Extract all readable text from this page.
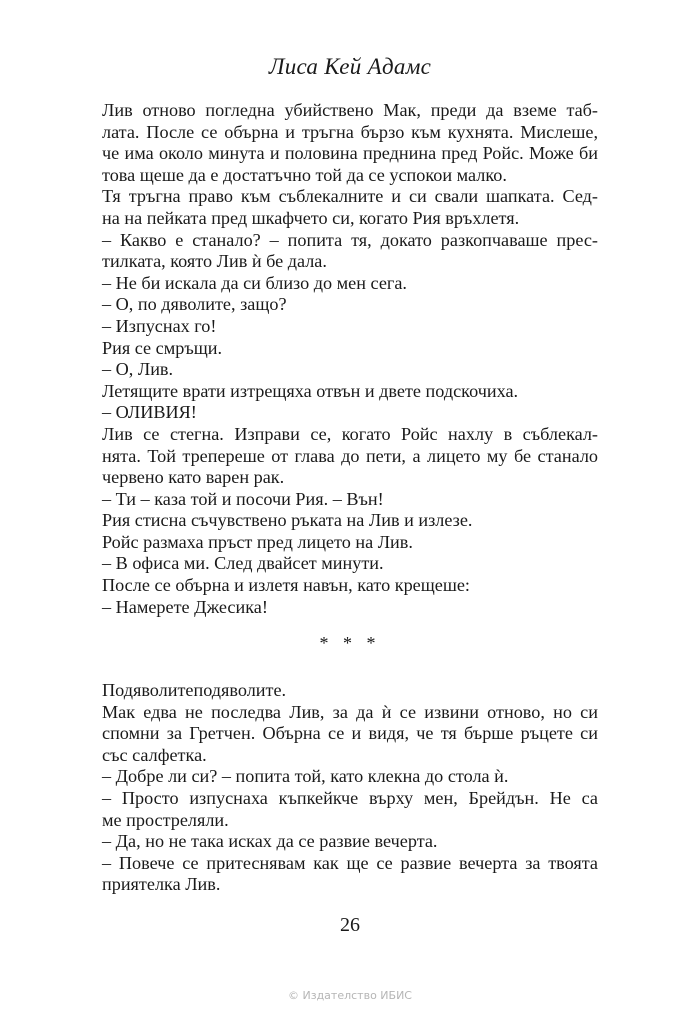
Лиса Кей Адамс
Лив отново погледна убийствено Мак, преди да вземе таб-
лата. После се обърна и тръгна бързо към кухнята. Мислеше,
че има около минута и половина преднина пред Ройс. Може би
това щеше да е достатъчно той да се успокои малко.
Тя тръгна право към съблекалните и си свали шапката. Сед-
на на пейката пред шкафчето си, когато Рия връхлетя.
– Какво е станало? – попита тя, докато разкопчаваше прес-
тилката, която Лив ѝ бе дала.
– Не би искала да си близо до мен сега.
– О, по дяволите, защо?
– Изпуснах го!
Рия се смръщи.
– О, Лив.
Летящите врати изтрещяха отвън и двете подскочиха.
– ОЛИВИЯ!
Лив се стегна. Изправи се, когато Ройс нахлу в съблекал-
нята. Той трепереше от глава до пети, а лицето му бе станало
червено като варен рак.
– Ти – каза той и посочи Рия. – Вън!
Рия стисна съчувствено ръката на Лив и излезе.
Ройс размаха пръст пред лицето на Лив.
– В офиса ми. След двайсет минути.
После се обърна и излетя навън, като крещеше:
– Намерете Джесика!
* * *
Подяволитеподяволите.
Мак едва не последва Лив, за да ѝ се извини отново, но си
спомни за Гретчен. Обърна се и видя, че тя бърше ръцете си
със салфетка.
– Добре ли си? – попита той, като клекна до стола ѝ.
– Просто изпуснаха къпкейкче върху мен, Брейдън. Не са
ме простреляли.
– Да, но не така исках да се развие вечерта.
– Повече се притеснявам как ще се развие вечерта за твоята
приятелка Лив.
26
© Издателство ИБИС
